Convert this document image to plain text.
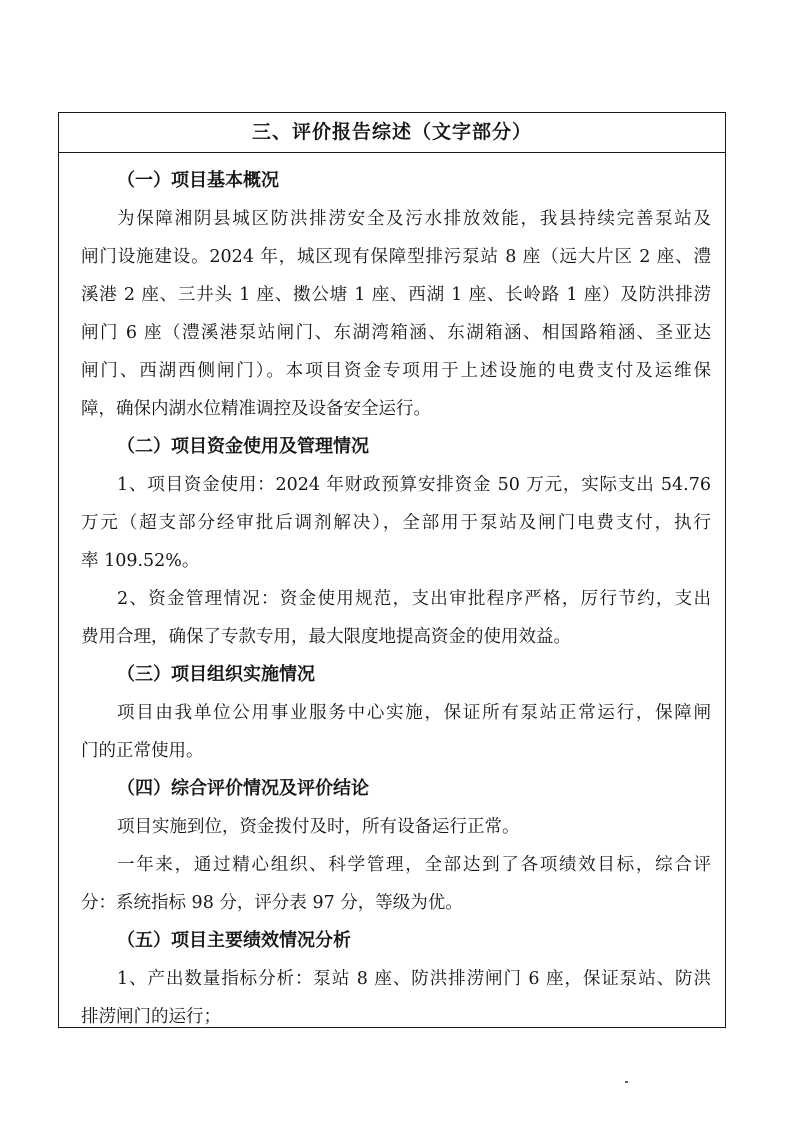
三、评价报告综述（文字部分）
（一）项目基本概况
为保障湘阴县城区防洪排涝安全及污水排放效能，我县持续完善泵站及
闸门设施建设。2024 年，城区现有保障型排污泵站 8 座（远大片区 2 座、澧
溪港 2 座、三井头 1 座、擞公塘 1 座、西湖 1 座、长岭路 1 座）及防洪排涝
闸门 6 座（澧溪港泵站闸门、东湖湾箱涵、东湖箱涵、相国路箱涵、圣亚达
闸门、西湖西侧闸门）。本项目资金专项用于上述设施的电费支付及运维保
障，确保内湖水位精准调控及设备安全运行。
（二）项目资金使用及管理情况
1、项目资金使用：2024 年财政预算安排资金 50 万元，实际支出 54.76
万元（超支部分经审批后调剂解决），全部用于泵站及闸门电费支付，执行
率 109.52%。
2、资金管理情况：资金使用规范，支出审批程序严格，厉行节约，支出
费用合理，确保了专款专用，最大限度地提高资金的使用效益。
（三）项目组织实施情况
项目由我单位公用事业服务中心实施，保证所有泵站正常运行，保障闸
门的正常使用。
（四）综合评价情况及评价结论
项目实施到位，资金拨付及时，所有设备运行正常。
一年来，通过精心组织、科学管理，全部达到了各项绩效目标，综合评
分：系统指标 98 分，评分表 97 分，等级为优。
（五）项目主要绩效情况分析
1、产出数量指标分析：泵站 8 座、防洪排涝闸门 6 座，保证泵站、防洪
排涝闸门的运行；
